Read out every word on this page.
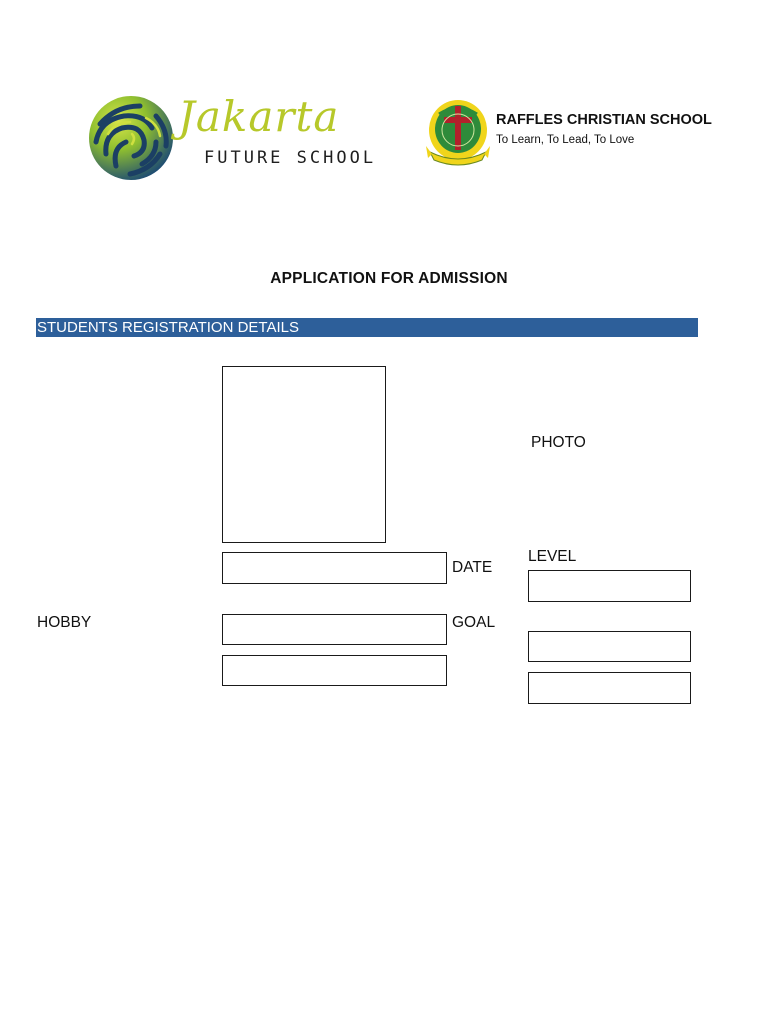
Jakarta
FUTURE SCHOOL
RAFFLES CHRISTIAN SCHOOL
To Learn, To Lead, To Love
APPLICATION FOR ADMISSION
STUDENTS REGISTRATION DETAILS
PHOTO
DATE
LEVEL
HOBBY	GOAL
